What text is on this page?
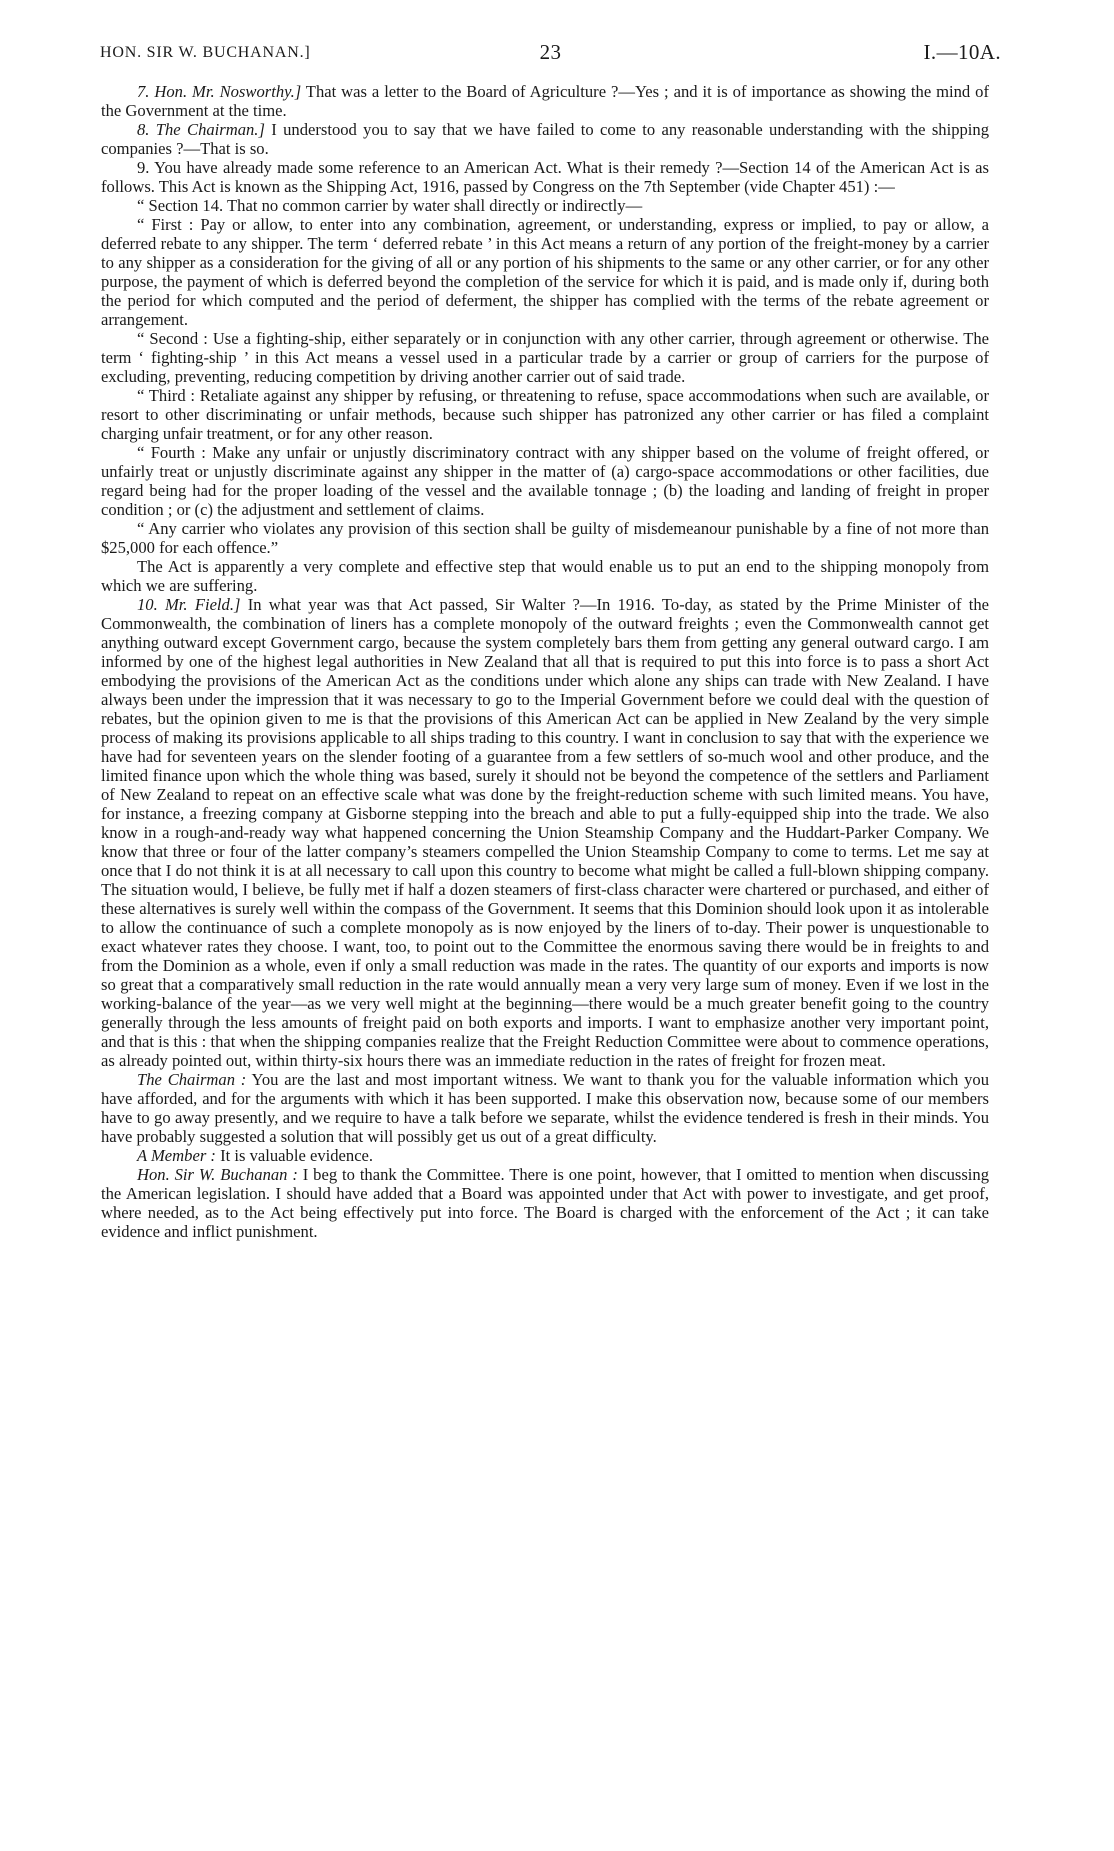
HON. SIR W. BUCHANAN.]	23	I.—10A.

7. Hon. Mr. Nosworthy.] That was a letter to the Board of Agriculture ?—Yes ; and it is of importance as showing the mind of the Government at the time.

8. The Chairman.] I understood you to say that we have failed to come to any reasonable understanding with the shipping companies ?—That is so.

9. You have already made some reference to an American Act. What is their remedy ?—Section 14 of the American Act is as follows. This Act is known as the Shipping Act, 1916, passed by Congress on the 7th September (vide Chapter 451) :—

“ Section 14. That no common carrier by water shall directly or indirectly—

“ First : Pay or allow, to enter into any combination, agreement, or understanding, express or implied, to pay or allow, a deferred rebate to any shipper. The term ‘ deferred rebate ’ in this Act means a return of any portion of the freight-money by a carrier to any shipper as a consideration for the giving of all or any portion of his shipments to the same or any other carrier, or for any other purpose, the payment of which is deferred beyond the completion of the service for which it is paid, and is made only if, during both the period for which computed and the period of deferment, the shipper has complied with the terms of the rebate agreement or arrangement.

“ Second : Use a fighting-ship, either separately or in conjunction with any other carrier, through agreement or otherwise. The term ‘ fighting-ship ’ in this Act means a vessel used in a particular trade by a carrier or group of carriers for the purpose of excluding, preventing, reducing competition by driving another carrier out of said trade.

“ Third : Retaliate against any shipper by refusing, or threatening to refuse, space accommodations when such are available, or resort to other discriminating or unfair methods, because such shipper has patronized any other carrier or has filed a complaint charging unfair treatment, or for any other reason.

“ Fourth : Make any unfair or unjustly discriminatory contract with any shipper based on the volume of freight offered, or unfairly treat or unjustly discriminate against any shipper in the matter of (a) cargo-space accommodations or other facilities, due regard being had for the proper loading of the vessel and the available tonnage ; (b) the loading and landing of freight in proper condition ; or (c) the adjustment and settlement of claims.

“ Any carrier who violates any provision of this section shall be guilty of misdemeanour punishable by a fine of not more than $25,000 for each offence.”

The Act is apparently a very complete and effective step that would enable us to put an end to the shipping monopoly from which we are suffering.

10. Mr. Field.] In what year was that Act passed, Sir Walter ?—In 1916. To-day, as stated by the Prime Minister of the Commonwealth, the combination of liners has a complete monopoly of the outward freights ; even the Commonwealth cannot get anything outward except Government cargo, because the system completely bars them from getting any general outward cargo. I am informed by one of the highest legal authorities in New Zealand that all that is required to put this into force is to pass a short Act embodying the provisions of the American Act as the conditions under which alone any ships can trade with New Zealand. I have always been under the impression that it was necessary to go to the Imperial Government before we could deal with the question of rebates, but the opinion given to me is that the provisions of this American Act can be applied in New Zealand by the very simple process of making its provisions applicable to all ships trading to this country. I want in conclusion to say that with the experience we have had for seventeen years on the slender footing of a guarantee from a few settlers of so-much wool and other produce, and the limited finance upon which the whole thing was based, surely it should not be beyond the competence of the settlers and Parliament of New Zealand to repeat on an effective scale what was done by the freight-reduction scheme with such limited means. You have, for instance, a freezing company at Gisborne stepping into the breach and able to put a fully-equipped ship into the trade. We also know in a rough-and-ready way what happened concerning the Union Steamship Company and the Huddart-Parker Company. We know that three or four of the latter company’s steamers compelled the Union Steamship Company to come to terms. Let me say at once that I do not think it is at all necessary to call upon this country to become what might be called a full-blown shipping company. The situation would, I believe, be fully met if half a dozen steamers of first-class character were chartered or purchased, and either of these alternatives is surely well within the compass of the Government. It seems that this Dominion should look upon it as intolerable to allow the continuance of such a complete monopoly as is now enjoyed by the liners of to-day. Their power is unquestionable to exact whatever rates they choose. I want, too, to point out to the Committee the enormous saving there would be in freights to and from the Dominion as a whole, even if only a small reduction was made in the rates. The quantity of our exports and imports is now so great that a comparatively small reduction in the rate would annually mean a very very large sum of money. Even if we lost in the working-balance of the year—as we very well might at the beginning—there would be a much greater benefit going to the country generally through the less amounts of freight paid on both exports and imports. I want to emphasize another very important point, and that is this : that when the shipping companies realize that the Freight Reduction Committee were about to commence operations, as already pointed out, within thirty-six hours there was an immediate reduction in the rates of freight for frozen meat.

The Chairman : You are the last and most important witness. We want to thank you for the valuable information which you have afforded, and for the arguments with which it has been supported. I make this observation now, because some of our members have to go away presently, and we require to have a talk before we separate, whilst the evidence tendered is fresh in their minds. You have probably suggested a solution that will possibly get us out of a great difficulty.

A Member : It is valuable evidence.

Hon. Sir W. Buchanan : I beg to thank the Committee. There is one point, however, that I omitted to mention when discussing the American legislation. I should have added that a Board was appointed under that Act with power to investigate, and get proof, where needed, as to the Act being effectively put into force. The Board is charged with the enforcement of the Act ; it can take evidence and inflict punishment.
